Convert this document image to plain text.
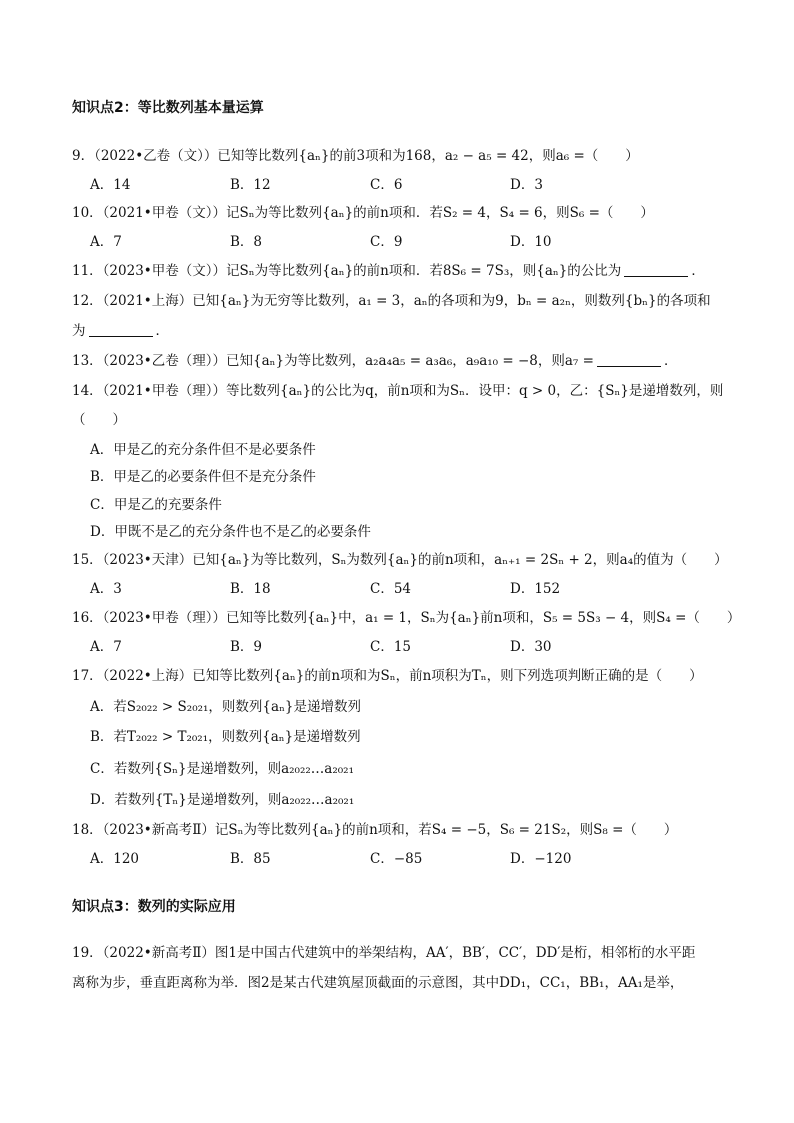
知识点2：等比数列基本量运算
9．（2022•乙卷（文））已知等比数列{aₙ}的前3项和为168，a₂ − a₅ = 42，则a₆ =（　　）
A．14	B．12	C．6	D．3
10．（2021•甲卷（文））记Sₙ为等比数列{aₙ}的前n项和．若S₂ = 4，S₄ = 6，则S₆ =（　　）
A．7	B．8	C．9	D．10
11．（2023•甲卷（文））记Sₙ为等比数列{aₙ}的前n项和．若8S₆ = 7S₃，则{aₙ}的公比为	．
12．（2021•上海）已知{aₙ}为无穷等比数列，a₁ = 3，aₙ的各项和为9，bₙ = a₂ₙ，则数列{bₙ}的各项和
为	．
13．（2023•乙卷（理））已知{aₙ}为等比数列，a₂a₄a₅ = a₃a₆，a₉a₁₀ = −8，则a₇ =	．
14．（2021•甲卷（理））等比数列{aₙ}的公比为q，前n项和为Sₙ．设甲：q > 0，乙：{Sₙ}是递增数列，则
（　　）
A．甲是乙的充分条件但不是必要条件
B．甲是乙的必要条件但不是充分条件
C．甲是乙的充要条件
D．甲既不是乙的充分条件也不是乙的必要条件
15．（2023•天津）已知{aₙ}为等比数列，Sₙ为数列{aₙ}的前n项和，aₙ₊₁ = 2Sₙ + 2，则a₄的值为（　　）
A．3	B．18	C．54	D．152
16．（2023•甲卷（理））已知等比数列{aₙ}中，a₁ = 1，Sₙ为{aₙ}前n项和，S₅ = 5S₃ − 4，则S₄ =（　　）
A．7	B．9	C．15	D．30
17．（2022•上海）已知等比数列{aₙ}的前n项和为Sₙ，前n项积为Tₙ，则下列选项判断正确的是（　　）
A．若S₂₀₂₂ > S₂₀₂₁，则数列{aₙ}是递增数列
B．若T₂₀₂₂ > T₂₀₂₁，则数列{aₙ}是递增数列
C．若数列{Sₙ}是递增数列，则a₂₀₂₂…a₂₀₂₁
D．若数列{Tₙ}是递增数列，则a₂₀₂₂…a₂₀₂₁
18．（2023•新高考Ⅱ）记Sₙ为等比数列{aₙ}的前n项和，若S₄ = −5，S₆ = 21S₂，则S₈ =（　　）
A．120	B．85	C．−85	D．−120
知识点3：数列的实际应用
19．（2022•新高考Ⅱ）图1是中国古代建筑中的举架结构，AA′，BB′，CC′，DD′是桁，相邻桁的水平距
离称为步，垂直距离称为举．图2是某古代建筑屋顶截面的示意图，其中DD₁，CC₁，BB₁，AA₁是举，
